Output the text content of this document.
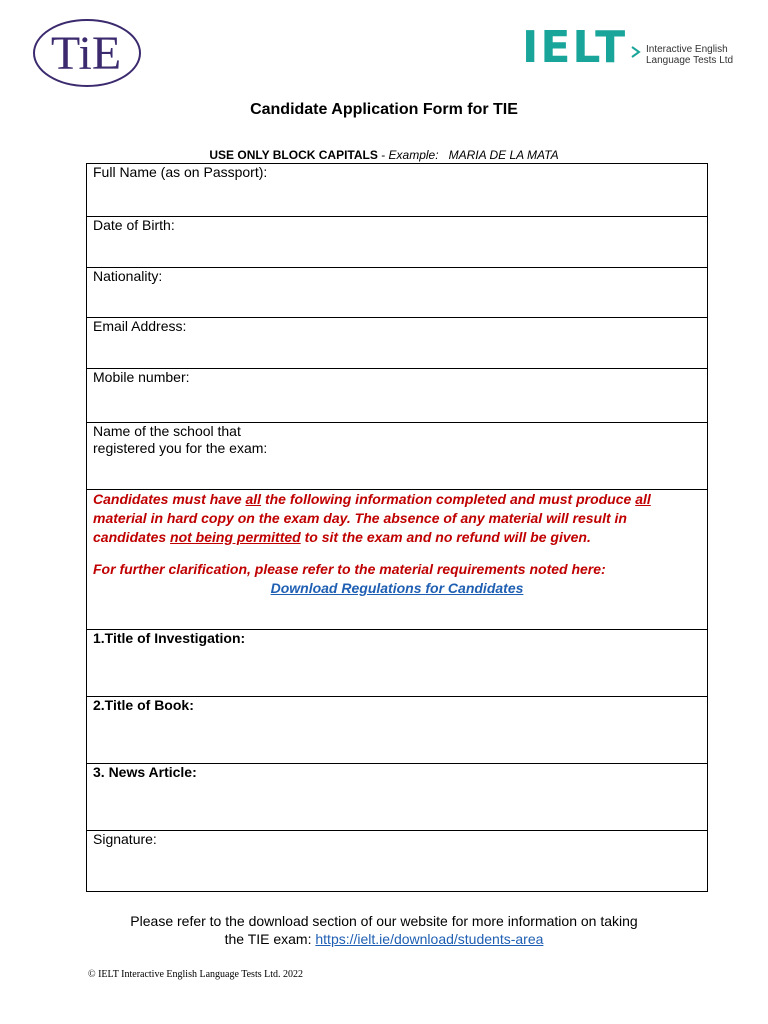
TiE	IELT Interactive English
Language Tests Ltd
Candidate Application Form for TIE
USE ONLY BLOCK CAPITALS - Example: MARIA DE LA MATA
Full Name (as on Passport):
Date of Birth:
Nationality:
Email Address:
Mobile number:

Name of the school that
registered you for the exam:

Candidates must have all the following information completed and must produce all material in hard copy on the exam day. The absence of any material will result in candidates not being permitted to sit the exam and no refund will be given.

For further clarification, please refer to the material requirements noted here:

Download Regulations for Candidates

1.Title of Investigation:
2.Title of Book:
3. News Article:
Signature:
Please refer to the download section of our website for more information on taking
the TIE exam: https://ielt.ie/download/students-area
© IELT Interactive English Language Tests Ltd. 2022
